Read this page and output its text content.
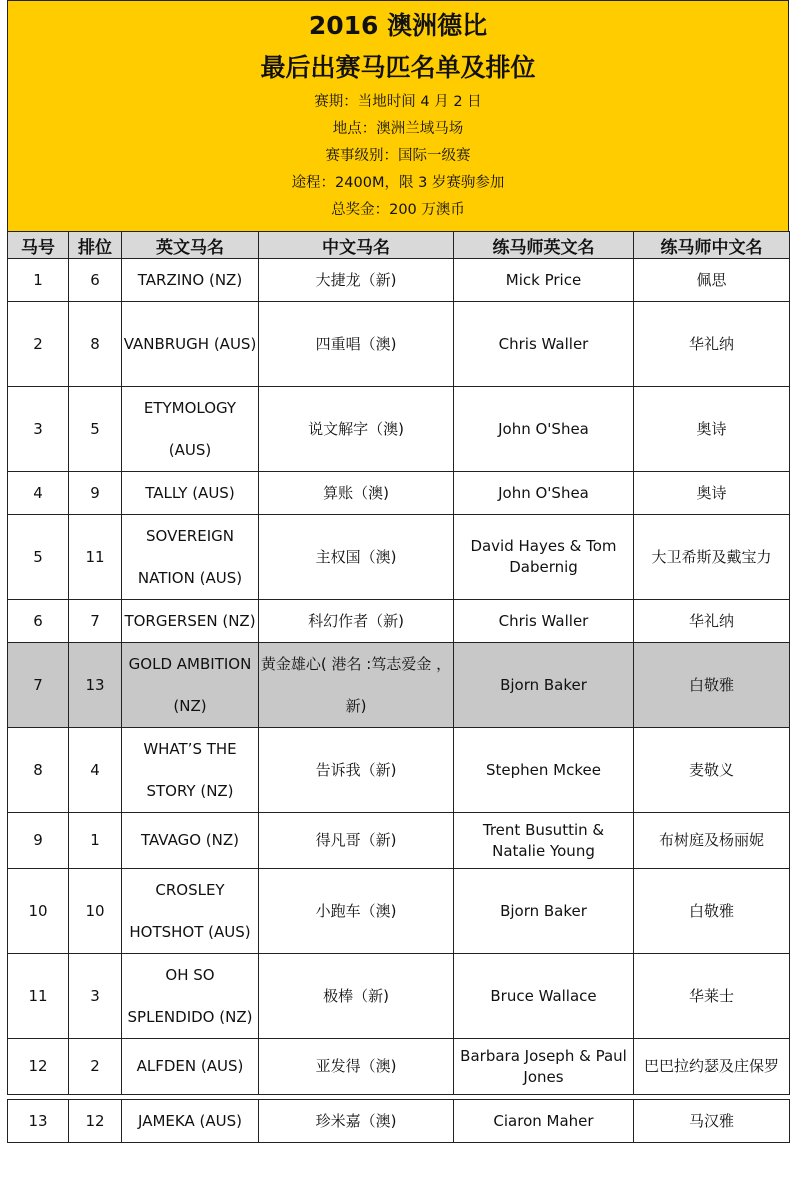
2016 澳洲德比
最后出赛马匹名单及排位
赛期：当地时间 4 月 2 日
地点：澳洲兰域马场
赛事级别：国际一级赛
途程：2400M，限 3 岁赛驹参加
总奖金：200 万澳币
马号	排位	英文马名	中文马名	练马师英文名	练马师中文名
1	6	TARZINO (NZ)	大捷龙（新)	Mick Price	佩思
2	8	VANBRUGH (AUS)	四重唱（澳)	Chris Waller	华礼纳
3	5	ETYMOLOGY (AUS)	说文解字（澳)	John O'Shea	奥诗
4	9	TALLY (AUS)	算账（澳)	John O'Shea	奥诗
5	11	SOVEREIGN NATION (AUS)	主权国（澳)	David Hayes & Tom Dabernig	大卫希斯及戴宝力
6	7	TORGERSEN (NZ)	科幻作者（新)	Chris Waller	华礼纳
7	13	GOLD AMBITION (NZ)	黄金雄心( 港名 :笃志爱金 ，新)	Bjorn Baker	白敬雅
8	4	WHAT’S THE STORY (NZ)	告诉我（新)	Stephen Mckee	麦敬义
9	1	TAVAGO (NZ)	得凡哥（新)	Trent Busuttin & Natalie Young	布树庭及杨丽妮
10	10	CROSLEY HOTSHOT (AUS)	小跑车（澳)	Bjorn Baker	白敬雅
11	3	OH SO SPLENDIDO (NZ)	极棒（新)	Bruce Wallace	华莱士
12	2	ALFDEN (AUS)	亚发得（澳)	Barbara Joseph & Paul Jones	巴巴拉约瑟及庄保罗

13	12	JAMEKA (AUS)	珍米嘉（澳)	Ciaron Maher	马汉雅
